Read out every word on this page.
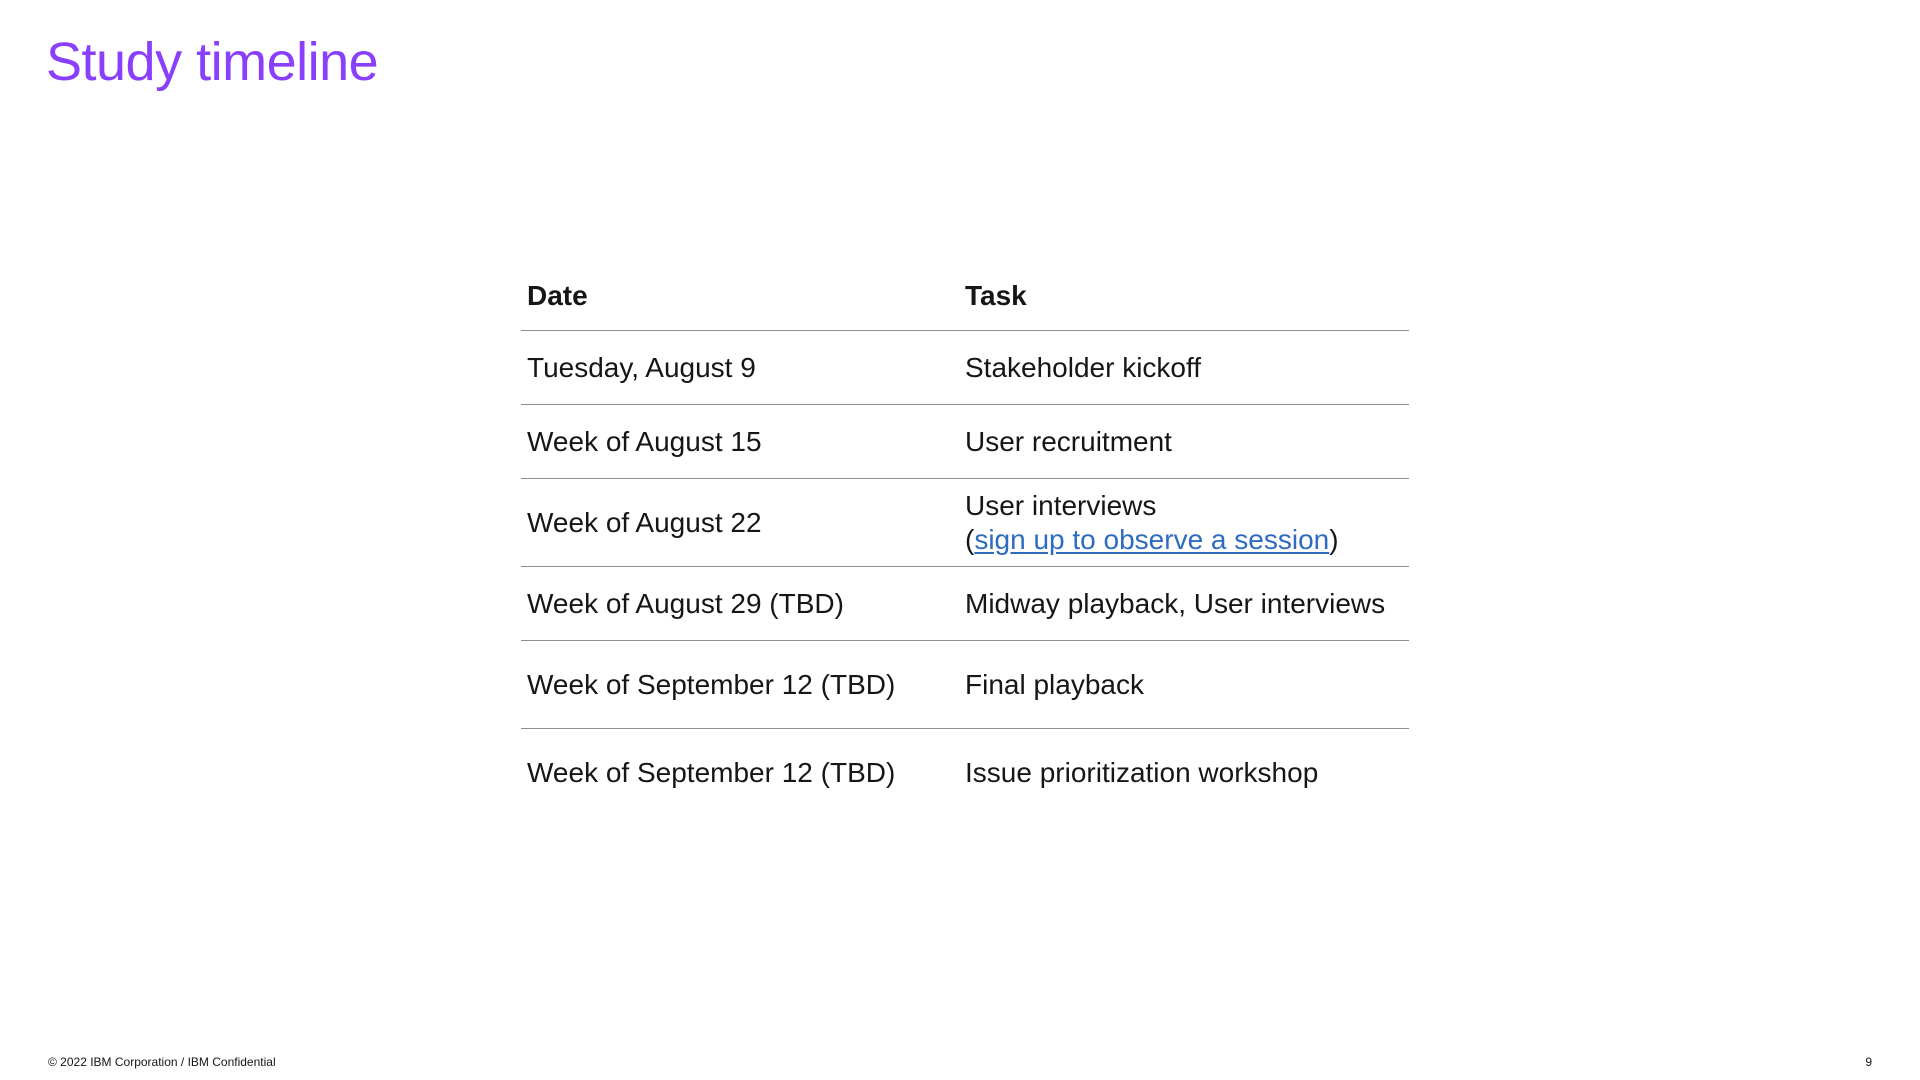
Study timeline
Date	Task
Tuesday, August 9	Stakeholder kickoff
Week of August 15	User recruitment
Week of August 22	User interviews
(sign up to observe a session)

Week of August 29 (TBD)	Midway playback, User interviews
Week of September 12 (TBD)	Final playback
Week of September 12 (TBD)	Issue prioritization workshop
© 2022 IBM Corporation / IBM Confidential	9
